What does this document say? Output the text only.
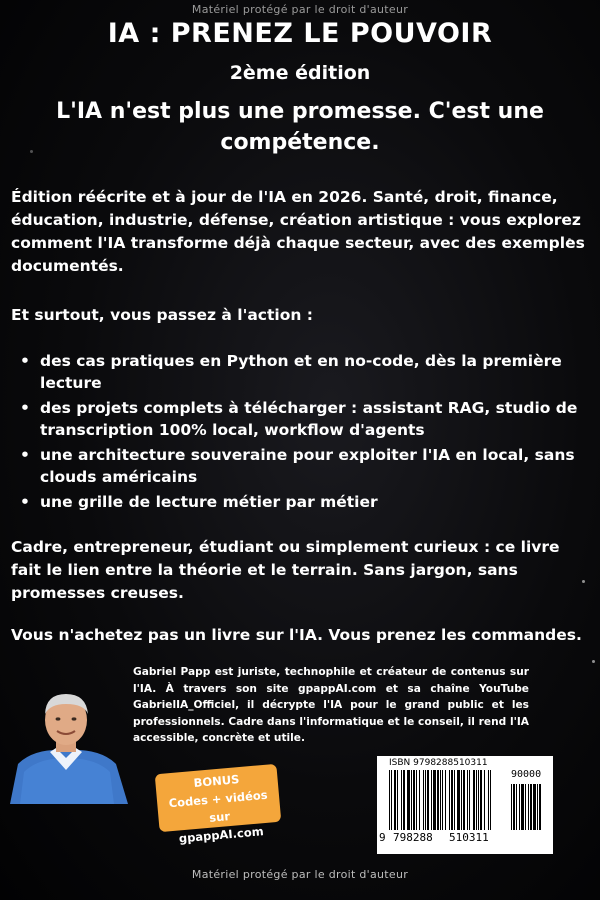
Matériel protégé par le droit d'auteur
IA : PRENEZ LE POUVOIR
2ème édition
L'IA n'est plus une promesse. C'est une compétence.

Édition réécrite et à jour de l'IA en 2026. Santé, droit, finance, éducation, industrie, défense, création artistique : vous explorez comment l'IA transforme déjà chaque secteur, avec des exemples documentés.

Et surtout, vous passez à l'action :

• des cas pratiques en Python et en no-code, dès la première lecture
• des projets complets à télécharger : assistant RAG, studio de transcription 100% local, workflow d'agents
• une architecture souveraine pour exploiter l'IA en local, sans clouds américains
• une grille de lecture métier par métier

Cadre, entrepreneur, étudiant ou simplement curieux : ce livre fait le lien entre la théorie et le terrain. Sans jargon, sans promesses creuses.

Vous n'achetez pas un livre sur l'IA. Vous prenez les commandes.

Gabriel Papp est juriste, technophile et créateur de contenus sur l'IA. À travers son site gpappAI.com et sa chaîne YouTube GabrielIA_Officiel, il décrypte l'IA pour le grand public et les professionnels. Cadre dans l'informatique et le conseil, il rend l'IA accessible, concrète et utile.

BONUS
Codes + vidéos sur
gpappAI.com
ISBN 9798288510311
90000
9 798288 510311
Matériel protégé par le droit d'auteur
